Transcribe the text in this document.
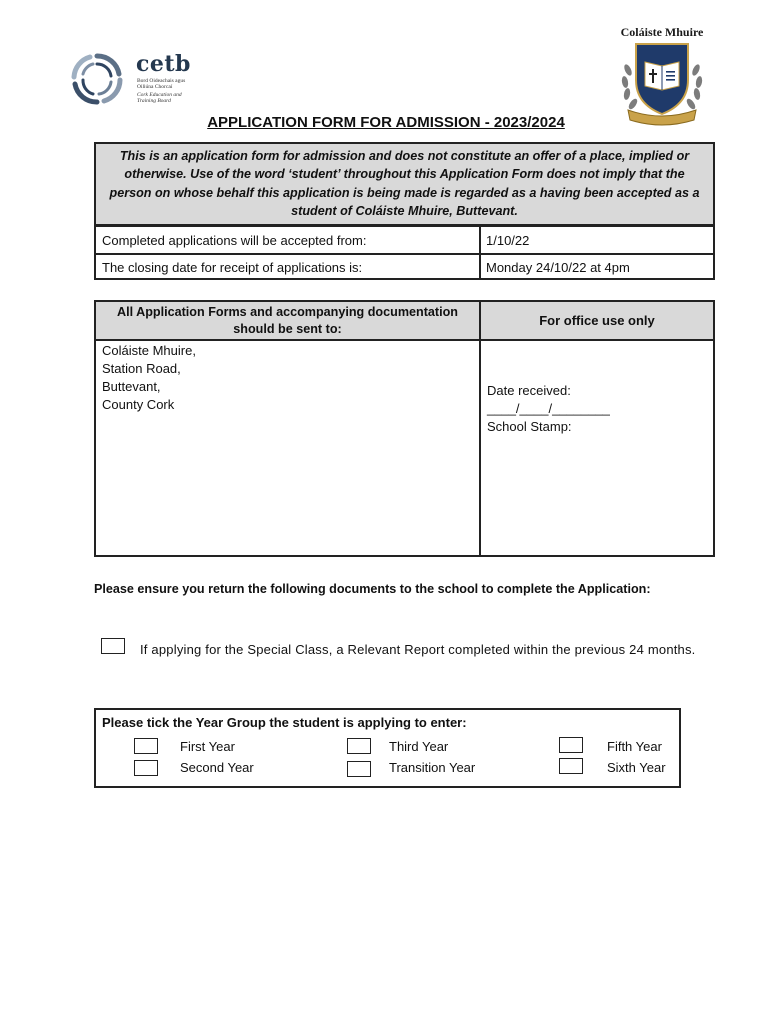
cetb
Bord Oideachais agus
Oiliúna Chorcaí
Cork Education and
Training Board
Coláiste Mhuire
APPLICATION FORM FOR ADMISSION - 2023/2024
This is an application form for admission and does not constitute an offer of a place, implied or otherwise. Use of the word ‘student’ throughout this Application Form does not imply that the person on whose behalf this application is being made is regarded as a having been accepted as a student of Coláiste Mhuire, Buttevant.
Completed applications will be accepted from:	1/10/22
The closing date for receipt of applications is:	Monday 24/10/22 at 4pm
All Application Forms and accompanying documentation should be sent to:
For office use only
Coláiste Mhuire,
Station Road,
Buttevant,
County Cork
Date received:
____/____/________
School Stamp:
Please ensure you return the following documents to the school to complete the Application:
If applying for the Special Class, a Relevant Report completed within the previous 24 months.
Please tick the Year Group the student is applying to enter:
First Year
Second Year
Third Year
Transition Year
Fifth Year
Sixth Year
